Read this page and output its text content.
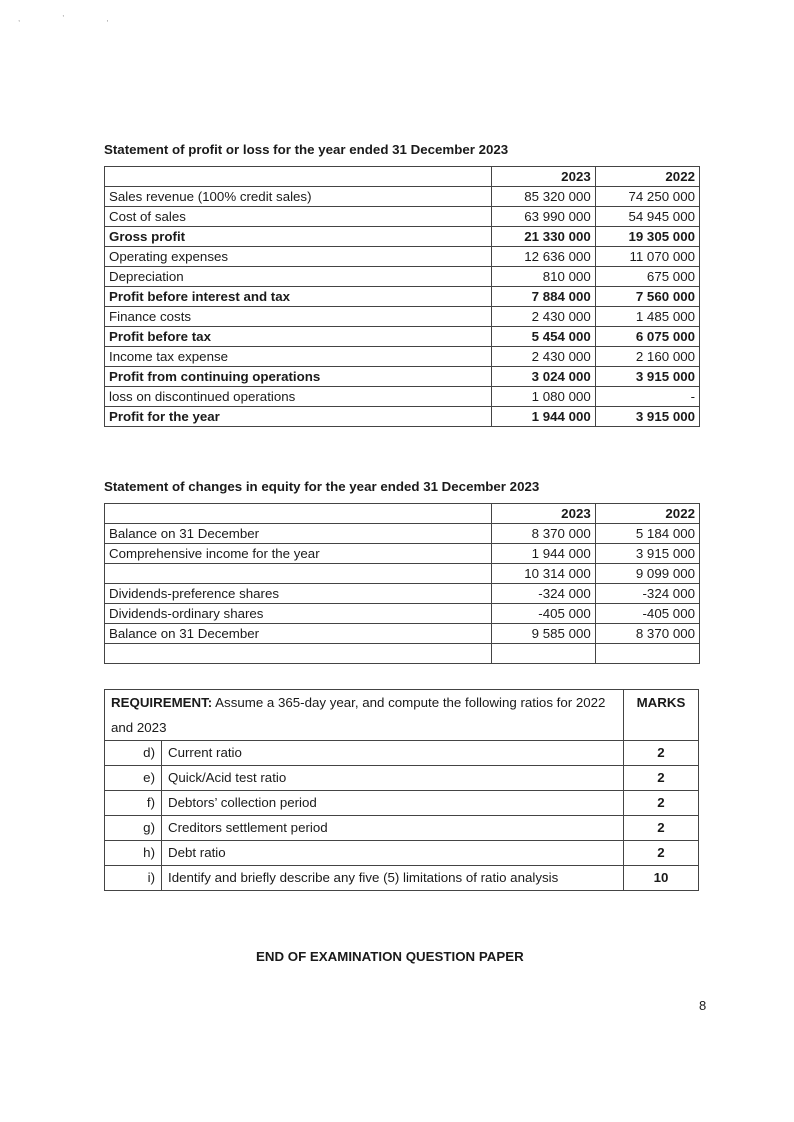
, ' ,
Statement of profit or loss for the year ended 31 December 2023
	2023	2022
Sales revenue (100% credit sales)	85 320 000	74 250 000
Cost of sales	63 990 000	54 945 000
Gross profit	21 330 000	19 305 000
Operating expenses	12 636 000	11 070 000
Depreciation	810 000	675 000
Profit before interest and tax	7 884 000	7 560 000
Finance costs	2 430 000	1 485 000
Profit before tax	5 454 000	6 075 000
Income tax expense	2 430 000	2 160 000
Profit from continuing operations	3 024 000	3 915 000
loss on discontinued operations	1 080 000	-
Profit for the year	1 944 000	3 915 000
Statement of changes in equity for the year ended 31 December 2023
	2023	2022
Balance on 31 December	8 370 000	5 184 000
Comprehensive income for the year	1 944 000	3 915 000
	10 314 000	9 099 000
Dividends-preference shares	-324 000	-324 000
Dividends-ordinary shares	-405 000	-405 000
Balance on 31 December	9 585 000	8 370 000

REQUIREMENT: Assume a 365-day year, and compute the following ratios for 2022 and 2023		MARKS
d)	Current ratio	2
e)	Quick/Acid test ratio	2
f)	Debtors’ collection period	2
g)	Creditors settlement period	2
h)	Debt ratio	2
i)	Identify and briefly describe any five (5) limitations of ratio analysis	10
END OF EXAMINATION QUESTION PAPER
8
